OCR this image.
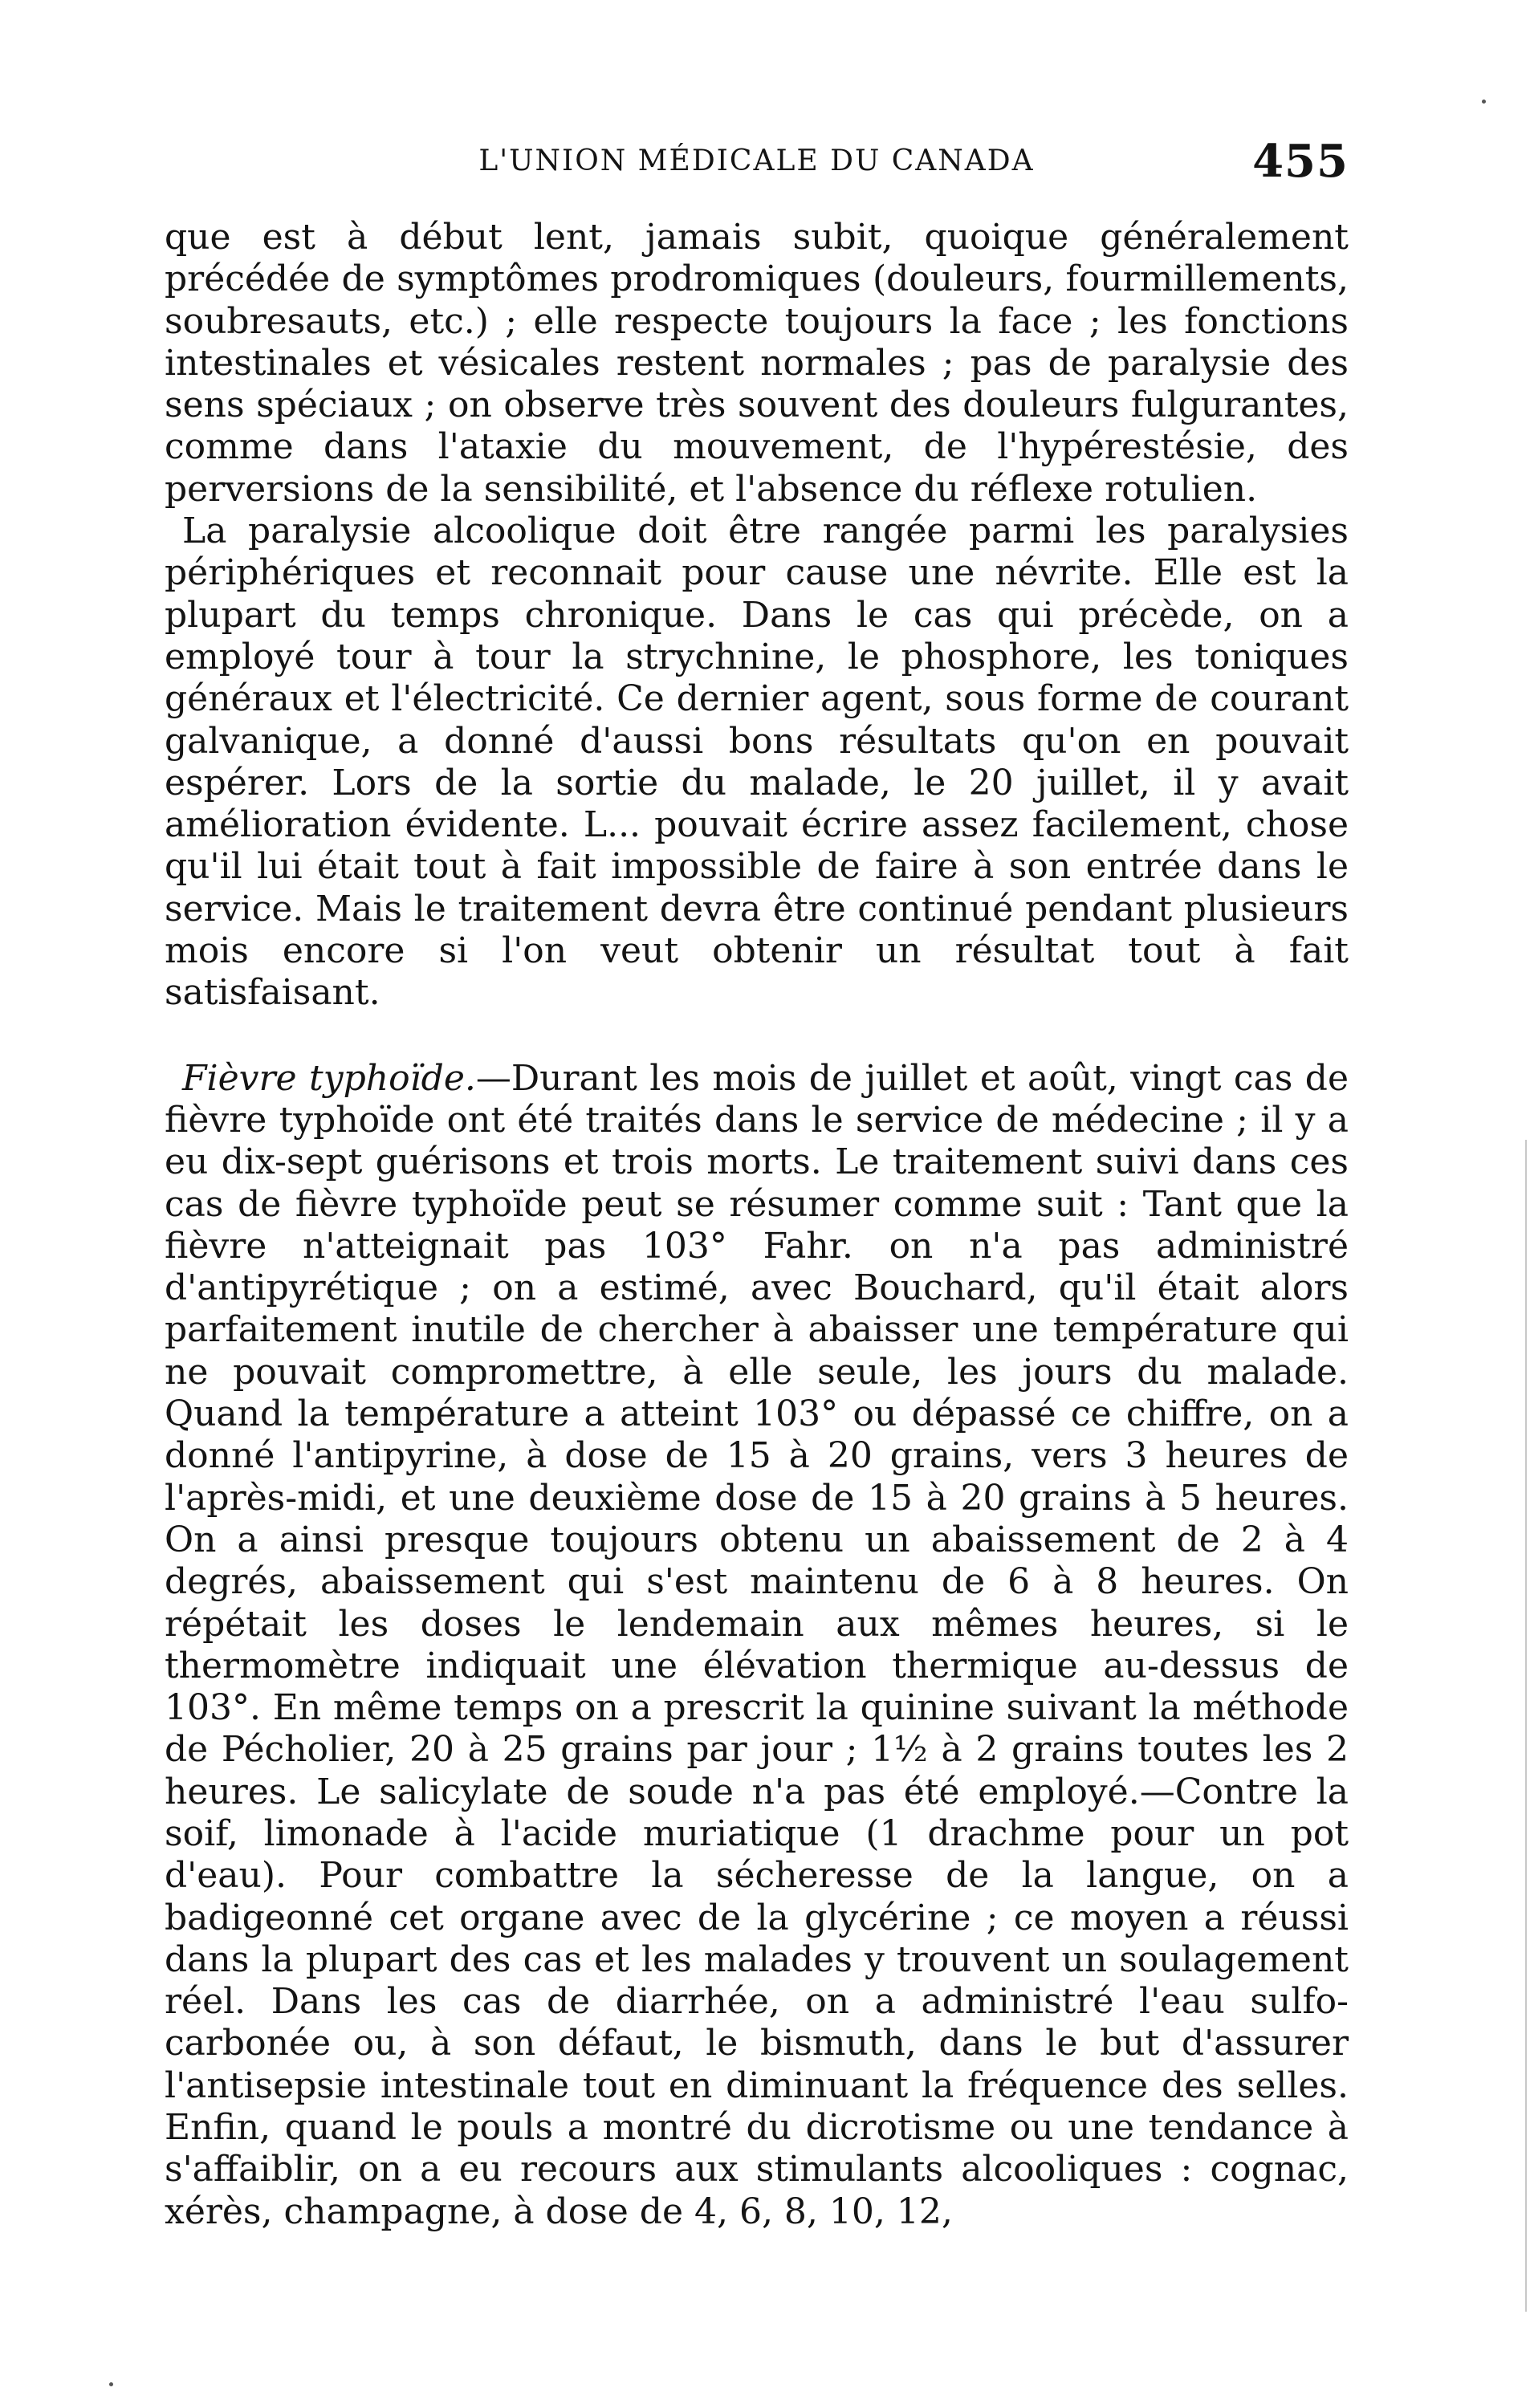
L'UNION MÉDICALE DU CANADA	455

que est à début lent, jamais subit, quoique généralement précédée de symptômes prodromiques (douleurs, fourmillements, soubresauts, etc.) ; elle respecte toujours la face ; les fonctions intestinales et vésicales restent normales ; pas de paralysie des sens spéciaux ; on observe très souvent des douleurs fulgurantes, comme dans l'ataxie du mouvement, de l'hypérestésie, des perversions de la sensibilité, et l'absence du réflexe rotulien.

La paralysie alcoolique doit être rangée parmi les paralysies périphériques et reconnait pour cause une névrite. Elle est la plupart du temps chronique. Dans le cas qui précède, on a employé tour à tour la strychnine, le phosphore, les toniques généraux et l'électricité. Ce dernier agent, sous forme de courant galvanique, a donné d'aussi bons résultats qu'on en pouvait espérer. Lors de la sortie du malade, le 20 juillet, il y avait amélioration évidente. L... pouvait écrire assez facilement, chose qu'il lui était tout à fait impossible de faire à son entrée dans le service. Mais le traitement devra être continué pendant plusieurs mois encore si l'on veut obtenir un résultat tout à fait satisfaisant.

Fièvre typhoïde.—Durant les mois de juillet et août, vingt cas de fièvre typhoïde ont été traités dans le service de médecine ; il y a eu dix-sept guérisons et trois morts. Le traitement suivi dans ces cas de fièvre typhoïde peut se résumer comme suit : Tant que la fièvre n'atteignait pas 103° Fahr. on n'a pas administré d'antipyrétique ; on a estimé, avec Bouchard, qu'il était alors parfaitement inutile de chercher à abaisser une température qui ne pouvait compromettre, à elle seule, les jours du malade. Quand la température a atteint 103° ou dépassé ce chiffre, on a donné l'antipyrine, à dose de 15 à 20 grains, vers 3 heures de l'après-midi, et une deuxième dose de 15 à 20 grains à 5 heures. On a ainsi presque toujours obtenu un abaissement de 2 à 4 degrés, abaissement qui s'est maintenu de 6 à 8 heures. On répétait les doses le lendemain aux mêmes heures, si le thermomètre indiquait une élévation thermique au-dessus de 103°. En même temps on a prescrit la quinine suivant la méthode de Pécholier, 20 à 25 grains par jour ; 1½ à 2 grains toutes les 2 heures. Le salicylate de soude n'a pas été employé.—Contre la soif, limonade à l'acide muriatique (1 drachme pour un pot d'eau). Pour combattre la sécheresse de la langue, on a badigeonné cet organe avec de la glycérine ; ce moyen a réussi dans la plupart des cas et les malades y trouvent un soulagement réel. Dans les cas de diarrhée, on a administré l'eau sulfo-carbonée ou, à son défaut, le bismuth, dans le but d'assurer l'antisepsie intestinale tout en diminuant la fréquence des selles. Enfin, quand le pouls a montré du dicrotisme ou une tendance à s'affaiblir, on a eu recours aux stimulants alcooliques : cognac, xérès, champagne, à dose de 4, 6, 8, 10, 12,
